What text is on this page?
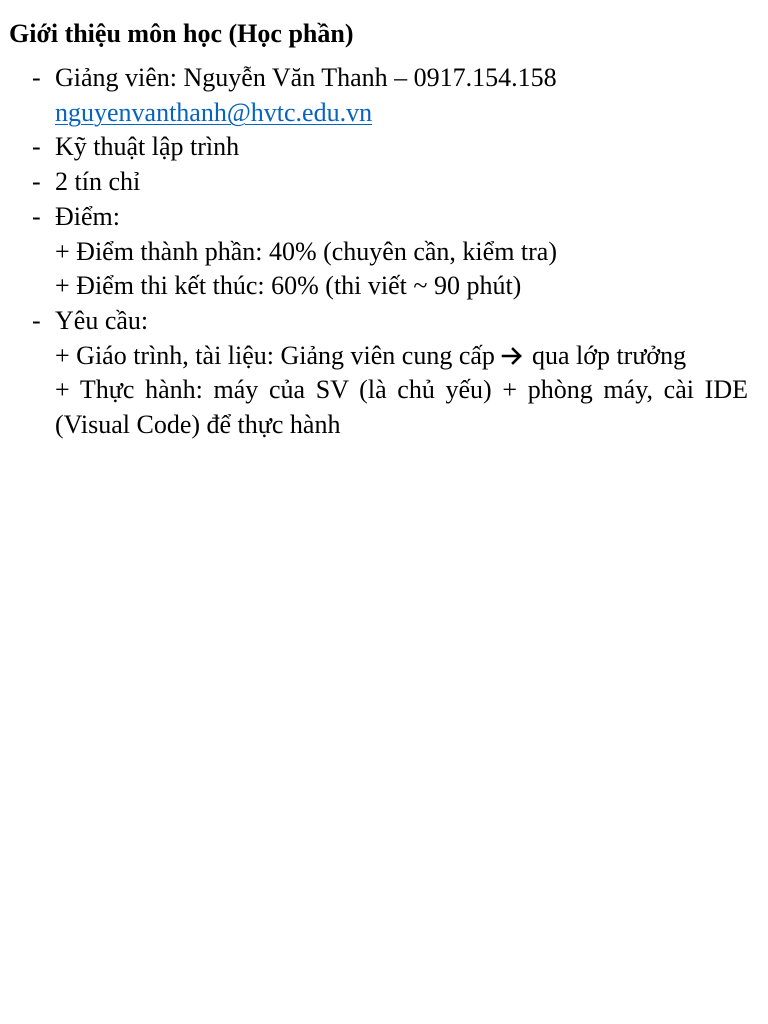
Giới thiệu môn học (Học phần)
- Giảng viên: Nguyễn Văn Thanh – 0917.154.158
nguyenvanthanh@hvtc.edu.vn
- Kỹ thuật lập trình
- 2 tín chỉ
- Điểm:
+ Điểm thành phần: 40% (chuyên cần, kiểm tra)
+ Điểm thi kết thúc: 60% (thi viết ~ 90 phút)
- Yêu cầu:
+ Giáo trình, tài liệu: Giảng viên cung cấp qua lớp trưởng
+ Thực hành: máy của SV (là chủ yếu) + phòng máy, cài IDE (Visual Code) để thực hành
